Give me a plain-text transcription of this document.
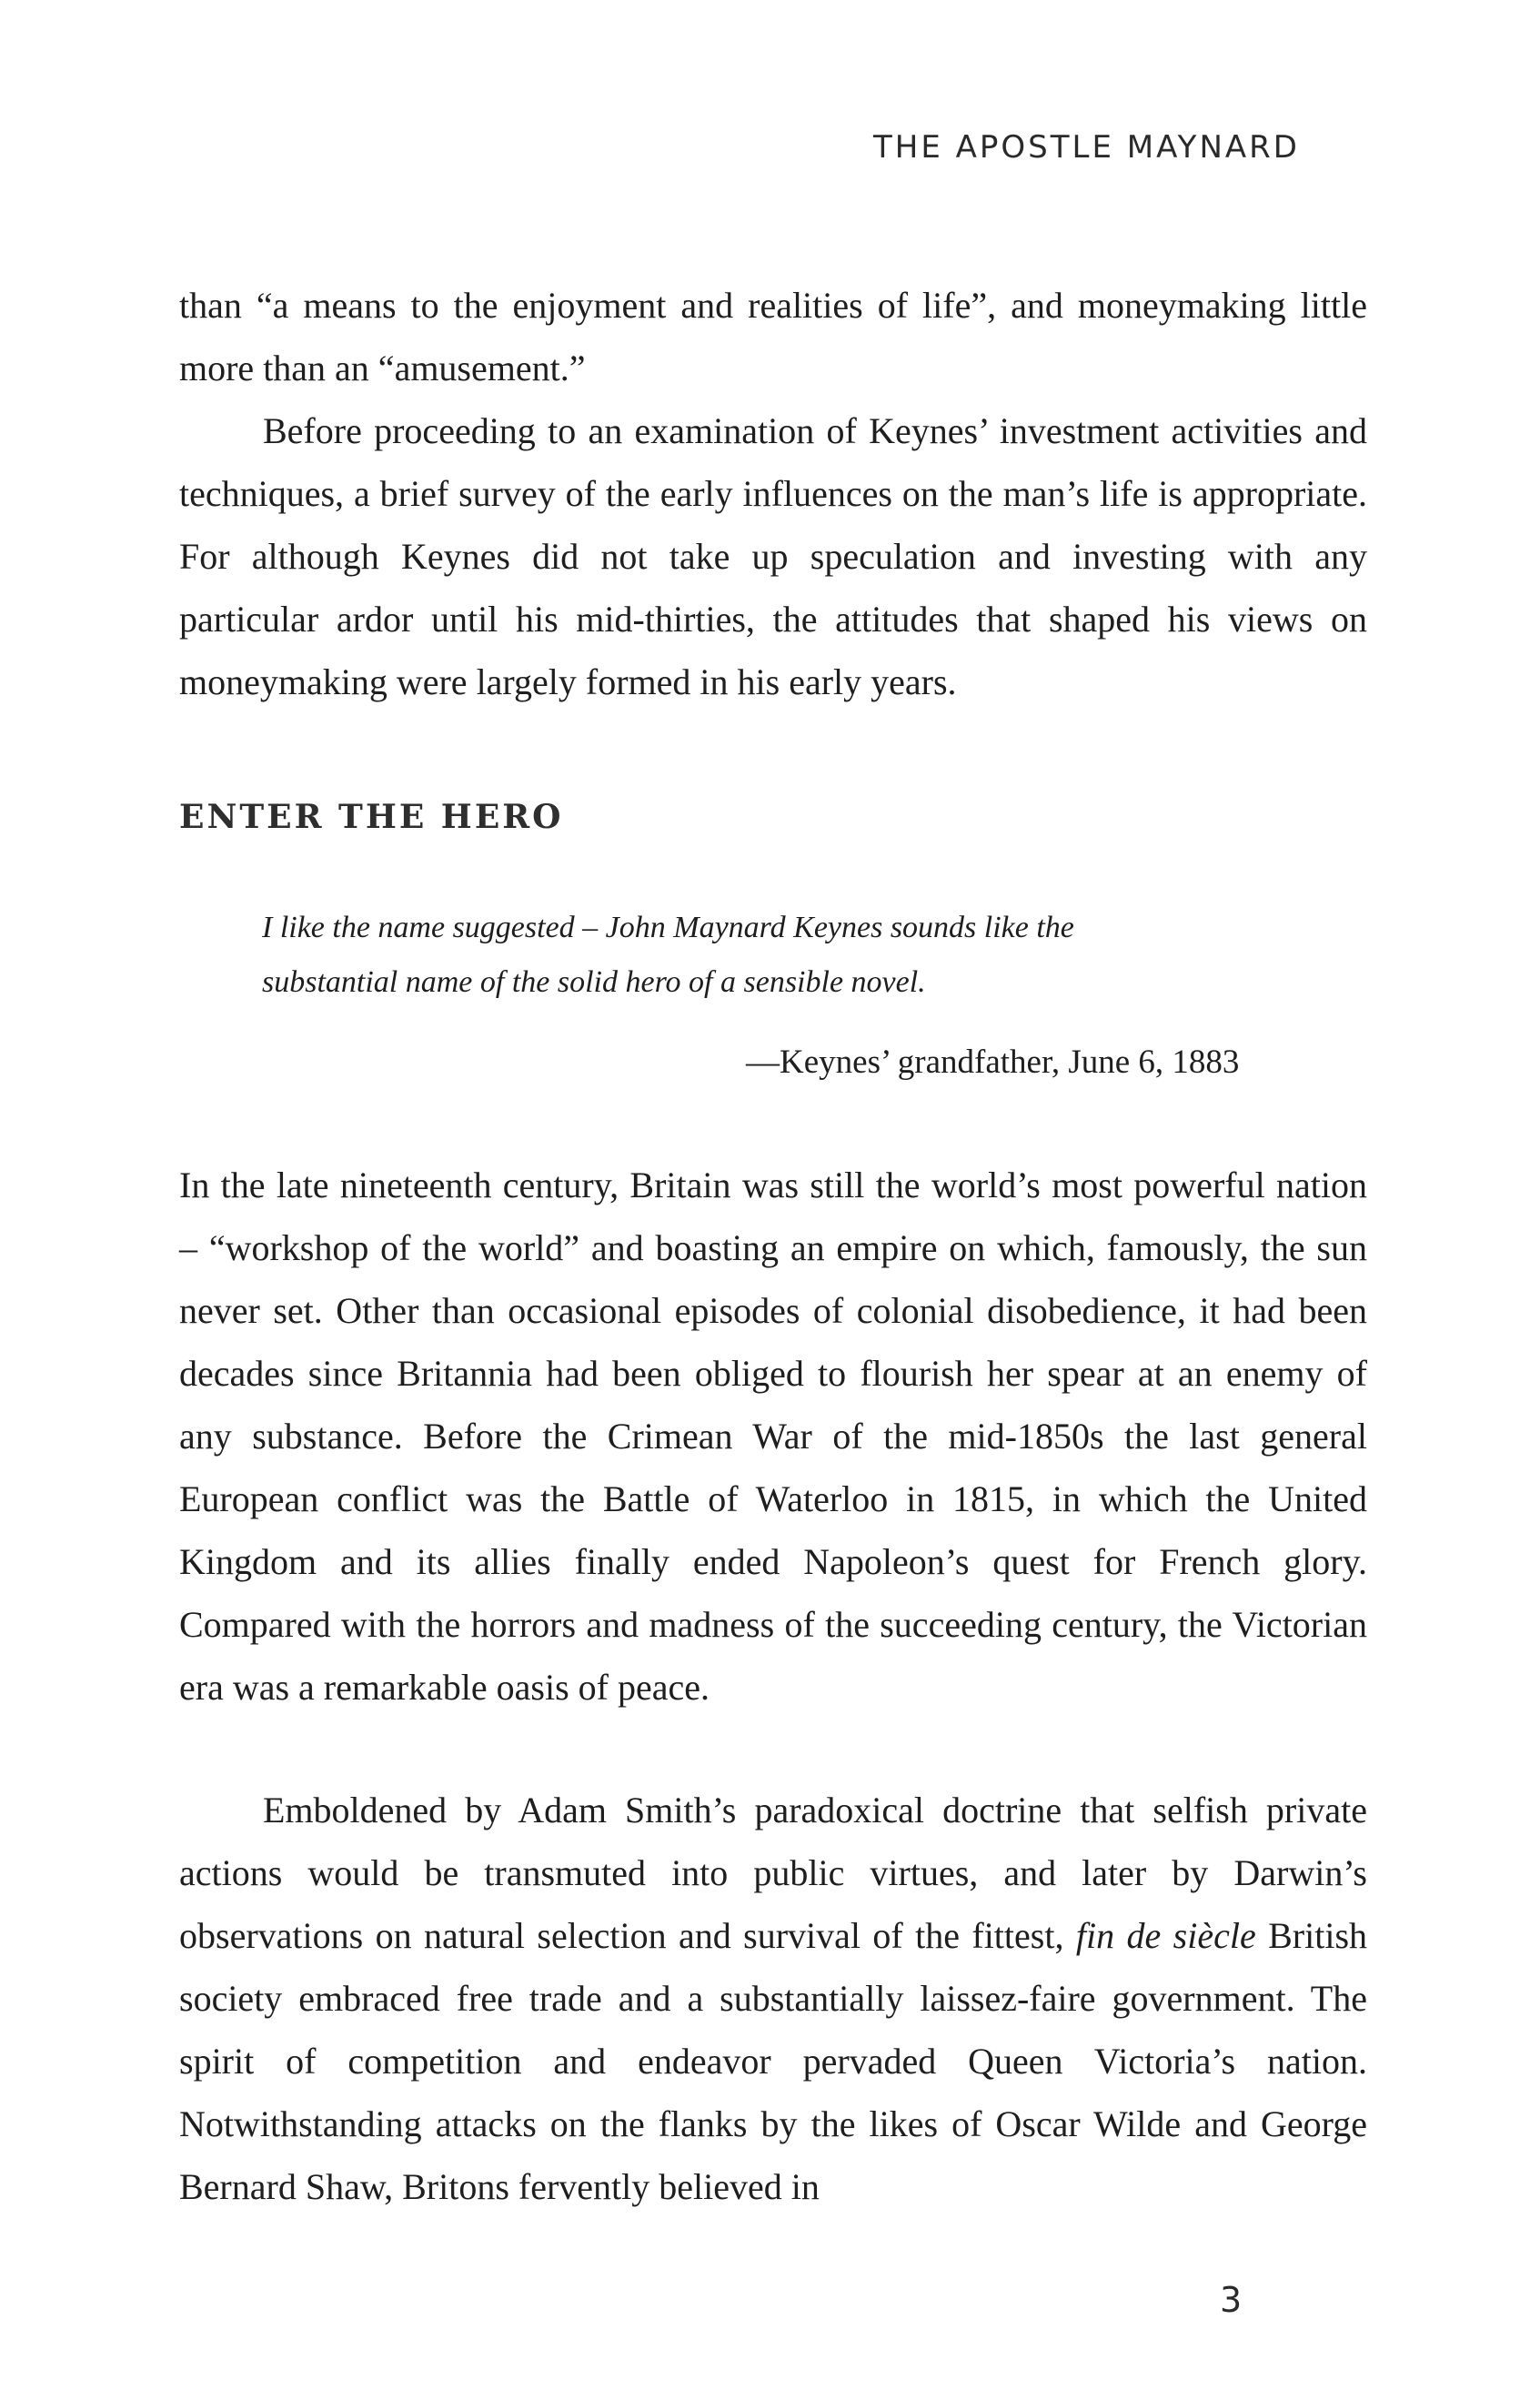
THE APOSTLE MAYNARD

than “a means to the enjoyment and realities of life”, and moneymaking little more than an “amusement.”

Before proceeding to an examination of Keynes’ investment activities and techniques, a brief survey of the early influences on the man’s life is appropriate. For although Keynes did not take up speculation and investing with any particular ardor until his mid-thirties, the attitudes that shaped his views on moneymaking were largely formed in his early years.

ENTER THE HERO
I like the name suggested – John Maynard Keynes sounds like the
substantial name of the solid hero of a sensible novel.
—Keynes’ grandfather, June 6, 1883

In the late nineteenth century, Britain was still the world’s most powerful nation – “workshop of the world” and boasting an empire on which, famously, the sun never set. Other than occasional episodes of colonial disobedience, it had been decades since Britannia had been obliged to flourish her spear at an enemy of any substance. Before the Crimean War of the mid-1850s the last general European conflict was the Battle of Waterloo in 1815, in which the United Kingdom and its allies finally ended Napoleon’s quest for French glory. Compared with the horrors and madness of the succeeding century, the Victorian era was a remarkable oasis of peace.

Emboldened by Adam Smith’s paradoxical doctrine that selfish private actions would be transmuted into public virtues, and later by Darwin’s observations on natural selection and survival of the fittest, fin de siècle British society embraced free trade and a substantially laissez-faire government. The spirit of competition and endeavor pervaded Queen Victoria’s nation. Notwithstanding attacks on the flanks by the likes of Oscar Wilde and George Bernard Shaw, Britons fervently believed in

3
